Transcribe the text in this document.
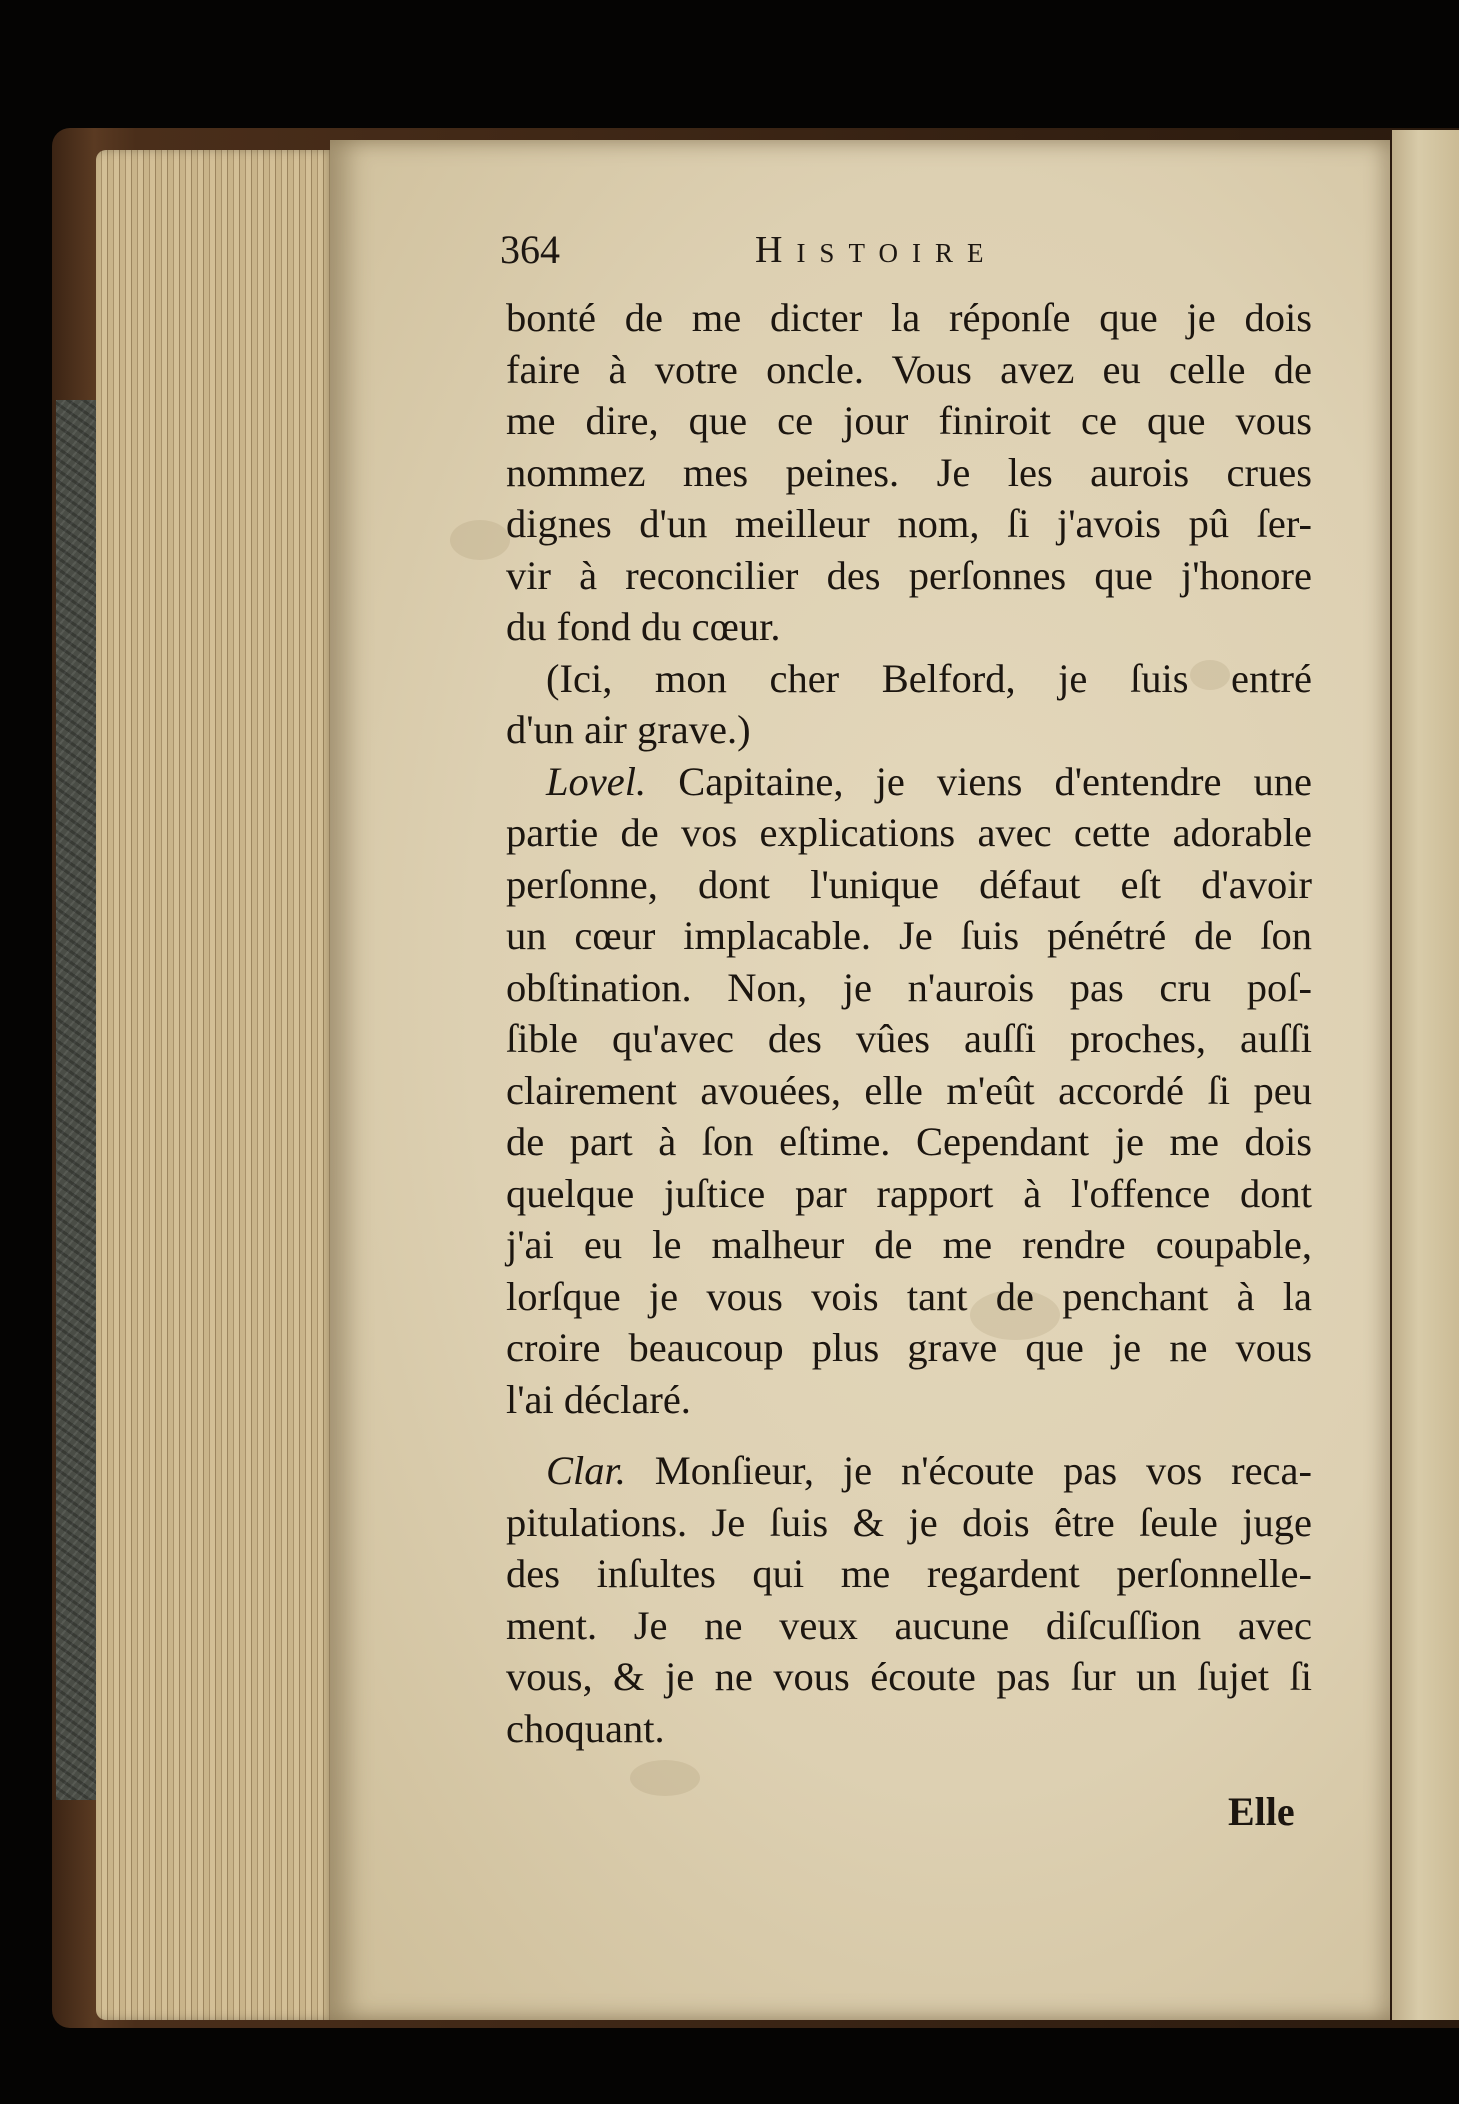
364	Histoire
bonté de me dicter la réponſe que je dois
faire à votre oncle. Vous avez eu celle de
me dire, que ce jour finiroit ce que vous
nommez mes peines. Je les aurois crues
dignes d'un meilleur nom, ſi j'avois pû ſer-
vir à reconcilier des perſonnes que j'honore
du fond du cœur.
(Ici, mon cher Belford, je ſuis entré
d'un air grave.)
Lovel. Capitaine, je viens d'entendre une
partie de vos explications avec cette adorable
perſonne, dont l'unique défaut eſt d'avoir
un cœur implacable. Je ſuis pénétré de ſon
obſtination. Non, je n'aurois pas cru poſ-
ſible qu'avec des vûes auſſi proches, auſſi
clairement avouées, elle m'eût accordé ſi peu
de part à ſon eſtime. Cependant je me dois
quelque juſtice par rapport à l'offence dont
j'ai eu le malheur de me rendre coupable,
lorſque je vous vois tant de penchant à la
croire beaucoup plus grave que je ne vous
l'ai déclaré.
Clar. Monſieur, je n'écoute pas vos reca-
pitulations. Je ſuis & je dois être ſeule juge
des inſultes qui me regardent perſonnelle-
ment. Je ne veux aucune diſcuſſion avec
vous, & je ne vous écoute pas ſur un ſujet ſi
choquant.
Elle
